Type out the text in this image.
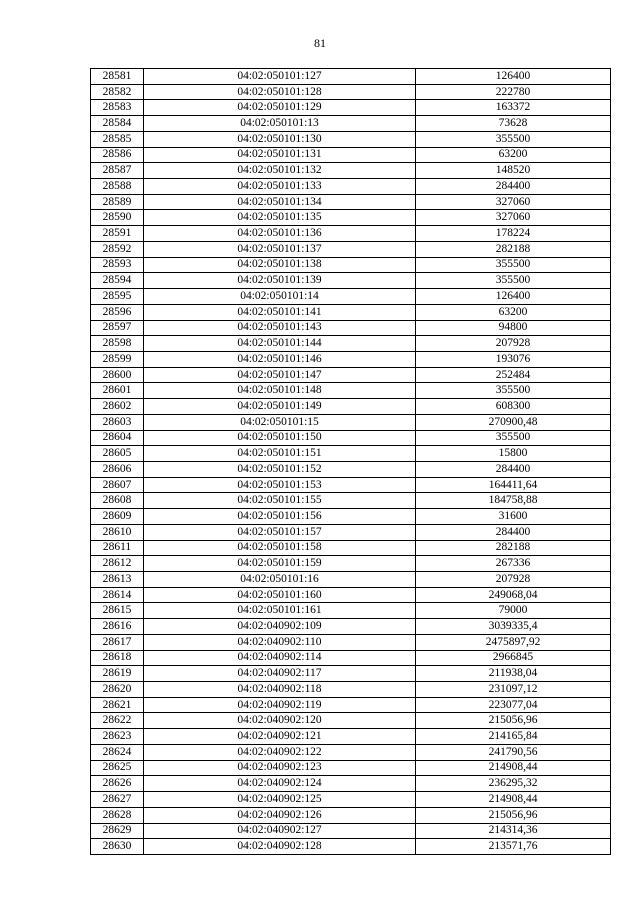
81
28581	04:02:050101:127	126400
28582	04:02:050101:128	222780
28583	04:02:050101:129	163372
28584	04:02:050101:13	73628
28585	04:02:050101:130	355500
28586	04:02:050101:131	63200
28587	04:02:050101:132	148520
28588	04:02:050101:133	284400
28589	04:02:050101:134	327060
28590	04:02:050101:135	327060
28591	04:02:050101:136	178224
28592	04:02:050101:137	282188
28593	04:02:050101:138	355500
28594	04:02:050101:139	355500
28595	04:02:050101:14	126400
28596	04:02:050101:141	63200
28597	04:02:050101:143	94800
28598	04:02:050101:144	207928
28599	04:02:050101:146	193076
28600	04:02:050101:147	252484
28601	04:02:050101:148	355500
28602	04:02:050101:149	608300
28603	04:02:050101:15	270900,48
28604	04:02:050101:150	355500
28605	04:02:050101:151	15800
28606	04:02:050101:152	284400
28607	04:02:050101:153	164411,64
28608	04:02:050101:155	184758,88
28609	04:02:050101:156	31600
28610	04:02:050101:157	284400
28611	04:02:050101:158	282188
28612	04:02:050101:159	267336
28613	04:02:050101:16	207928
28614	04:02:050101:160	249068,04
28615	04:02:050101:161	79000
28616	04:02:040902:109	3039335,4
28617	04:02:040902:110	2475897,92
28618	04:02:040902:114	2966845
28619	04:02:040902:117	211938,04
28620	04:02:040902:118	231097,12
28621	04:02:040902:119	223077,04
28622	04:02:040902:120	215056,96
28623	04:02:040902:121	214165,84
28624	04:02:040902:122	241790,56
28625	04:02:040902:123	214908,44
28626	04:02:040902:124	236295,32
28627	04:02:040902:125	214908,44
28628	04:02:040902:126	215056,96
28629	04:02:040902:127	214314,36
28630	04:02:040902:128	213571,76
